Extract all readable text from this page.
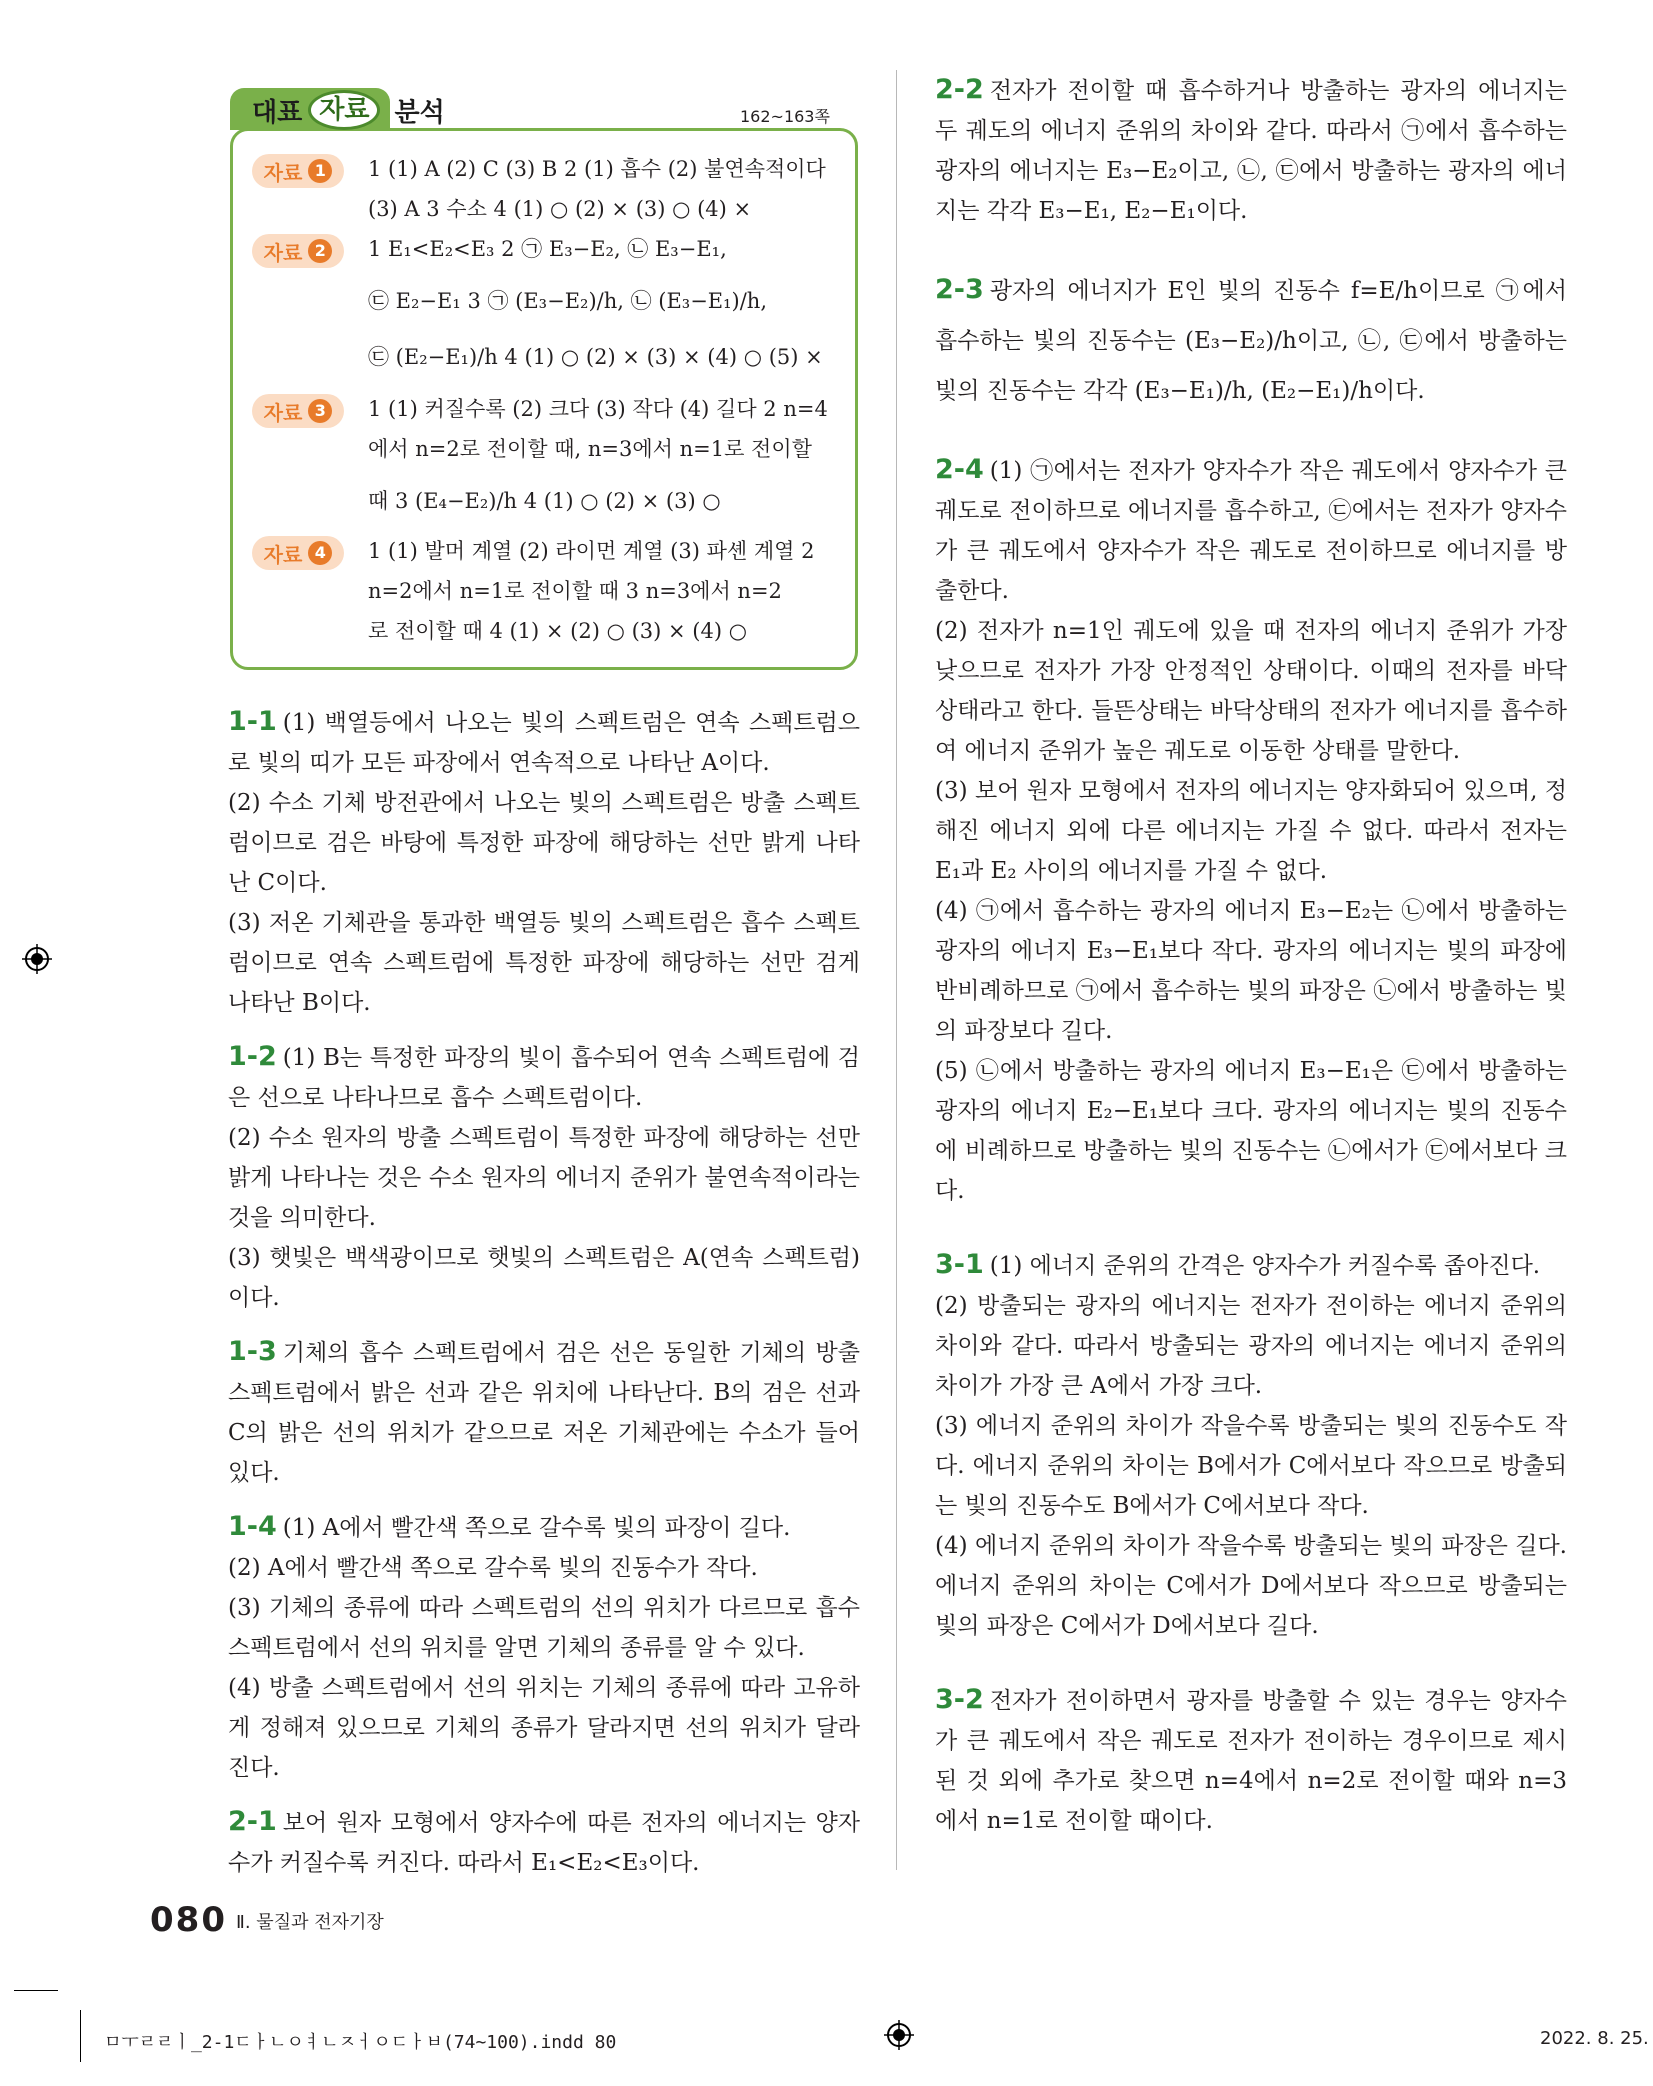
대표 자료 분석	162~163쪽
자료 1	1 (1) A (2) C (3) B 2 (1) 흡수 (2) 불연속적이다
(3) A 3 수소 4 (1) ○ (2) × (3) ○ (4) ×
자료 2	1 E₁<E₂<E₃ 2 ㉠ E₃−E₂, ㉡ E₃−E₁,
㉢ E₂−E₁ 3 ㉠ (E₃−E₂)/h, ㉡ (E₃−E₁)/h,
㉢ (E₂−E₁)/h 4 (1) ○ (2) × (3) × (4) ○ (5) ×
자료 3	1 (1) 커질수록 (2) 크다 (3) 작다 (4) 길다 2 n=4
에서 n=2로 전이할 때, n=3에서 n=1로 전이할
때 3 (E₄−E₂)/h 4 (1) ○ (2) × (3) ○
자료 4	1 (1) 발머 계열 (2) 라이먼 계열 (3) 파셴 계열 2
n=2에서 n=1로 전이할 때 3 n=3에서 n=2
로 전이할 때 4 (1) × (2) ○ (3) × (4) ○

1-1 (1) 백열등에서 나오는 빛의 스펙트럼은 연속 스펙트럼으로 빛의 띠가 모든 파장에서 연속적으로 나타난 A이다.

(2) 수소 기체 방전관에서 나오는 빛의 스펙트럼은 방출 스펙트럼이므로 검은 바탕에 특정한 파장에 해당하는 선만 밝게 나타난 C이다.

(3) 저온 기체관을 통과한 백열등 빛의 스펙트럼은 흡수 스펙트럼이므로 연속 스펙트럼에 특정한 파장에 해당하는 선만 검게 나타난 B이다.

1-2 (1) B는 특정한 파장의 빛이 흡수되어 연속 스펙트럼에 검은 선으로 나타나므로 흡수 스펙트럼이다.

(2) 수소 원자의 방출 스펙트럼이 특정한 파장에 해당하는 선만 밝게 나타나는 것은 수소 원자의 에너지 준위가 불연속적이라는 것을 의미한다.

(3) 햇빛은 백색광이므로 햇빛의 스펙트럼은 A(연속 스펙트럼)이다.

1-3 기체의 흡수 스펙트럼에서 검은 선은 동일한 기체의 방출 스펙트럼에서 밝은 선과 같은 위치에 나타난다. B의 검은 선과 C의 밝은 선의 위치가 같으므로 저온 기체관에는 수소가 들어 있다.

1-4 (1) A에서 빨간색 쪽으로 갈수록 빛의 파장이 길다.

(2) A에서 빨간색 쪽으로 갈수록 빛의 진동수가 작다.

(3) 기체의 종류에 따라 스펙트럼의 선의 위치가 다르므로 흡수 스펙트럼에서 선의 위치를 알면 기체의 종류를 알 수 있다.

(4) 방출 스펙트럼에서 선의 위치는 기체의 종류에 따라 고유하게 정해져 있으므로 기체의 종류가 달라지면 선의 위치가 달라진다.

2-1 보어 원자 모형에서 양자수에 따른 전자의 에너지는 양자수가 커질수록 커진다. 따라서 E₁<E₂<E₃이다.

2-2 전자가 전이할 때 흡수하거나 방출하는 광자의 에너지는 두 궤도의 에너지 준위의 차이와 같다. 따라서 ㉠에서 흡수하는 광자의 에너지는 E₃−E₂이고, ㉡, ㉢에서 방출하는 광자의 에너지는 각각 E₃−E₁, E₂−E₁이다.

2-3 광자의 에너지가 E인 빛의 진동수 f=E/h이므로 ㉠에서 흡수하는 빛의 진동수는 (E₃−E₂)/h이고, ㉡, ㉢에서 방출하는 빛의 진동수는 각각 (E₃−E₁)/h, (E₂−E₁)/h이다.

2-4 (1) ㉠에서는 전자가 양자수가 작은 궤도에서 양자수가 큰 궤도로 전이하므로 에너지를 흡수하고, ㉢에서는 전자가 양자수가 큰 궤도에서 양자수가 작은 궤도로 전이하므로 에너지를 방출한다.

(2) 전자가 n=1인 궤도에 있을 때 전자의 에너지 준위가 가장 낮으므로 전자가 가장 안정적인 상태이다. 이때의 전자를 바닥상태라고 한다. 들뜬상태는 바닥상태의 전자가 에너지를 흡수하여 에너지 준위가 높은 궤도로 이동한 상태를 말한다.

(3) 보어 원자 모형에서 전자의 에너지는 양자화되어 있으며, 정해진 에너지 외에 다른 에너지는 가질 수 없다. 따라서 전자는 E₁과 E₂ 사이의 에너지를 가질 수 없다.

(4) ㉠에서 흡수하는 광자의 에너지 E₃−E₂는 ㉡에서 방출하는 광자의 에너지 E₃−E₁보다 작다. 광자의 에너지는 빛의 파장에 반비례하므로 ㉠에서 흡수하는 빛의 파장은 ㉡에서 방출하는 빛의 파장보다 길다.

(5) ㉡에서 방출하는 광자의 에너지 E₃−E₁은 ㉢에서 방출하는 광자의 에너지 E₂−E₁보다 크다. 광자의 에너지는 빛의 진동수에 비례하므로 방출하는 빛의 진동수는 ㉡에서가 ㉢에서보다 크다.

3-1 (1) 에너지 준위의 간격은 양자수가 커질수록 좁아진다.

(2) 방출되는 광자의 에너지는 전자가 전이하는 에너지 준위의 차이와 같다. 따라서 방출되는 광자의 에너지는 에너지 준위의 차이가 가장 큰 A에서 가장 크다.

(3) 에너지 준위의 차이가 작을수록 방출되는 빛의 진동수도 작다. 에너지 준위의 차이는 B에서가 C에서보다 작으므로 방출되는 빛의 진동수도 B에서가 C에서보다 작다.

(4) 에너지 준위의 차이가 작을수록 방출되는 빛의 파장은 길다. 에너지 준위의 차이는 C에서가 D에서보다 작으므로 방출되는 빛의 파장은 C에서가 D에서보다 길다.

3-2 전자가 전이하면서 광자를 방출할 수 있는 경우는 양자수가 큰 궤도에서 작은 궤도로 전자가 전이하는 경우이므로 제시된 것 외에 추가로 찾으면 n=4에서 n=2로 전이할 때와 n=3에서 n=1로 전이할 때이다.

080 Ⅱ. 물질과 전자기장
ㅁㅜㄹㄹㅣ_2-1ㄷㅏㄴㅇㅕㄴㅈㅓㅇㄷㅏㅂ(74~100).indd 80	2022. 8. 25.
